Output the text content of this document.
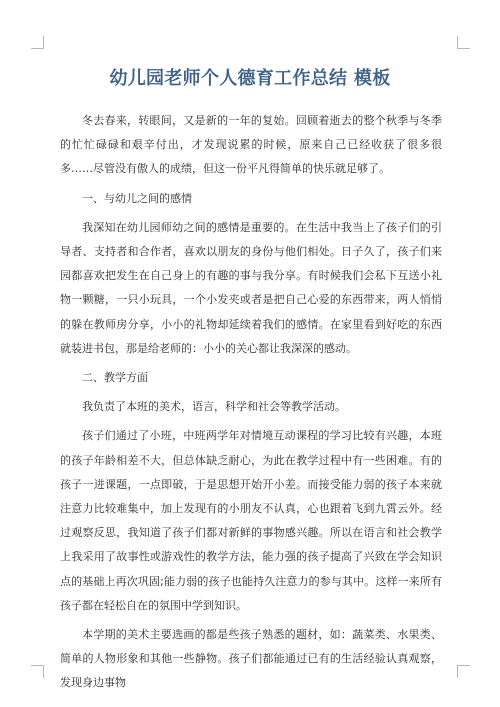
幼儿园老师个人德育工作总结 模板

冬去春来，转眼间，又是新的一年的复始。回顾着逝去的整个秋季与冬季的忙忙碌碌和艰辛付出，才发现说累的时候，原来自己已经收获了很多很多……尽管没有傲人的成绩，但这一份平凡得简单的快乐就足够了。

一、与幼儿之间的感情

我深知在幼儿园师幼之间的感情是重要的。在生活中我当上了孩子们的引导者、支持者和合作者，喜欢以朋友的身份与他们相处。日子久了，孩子们来园都喜欢把发生在自己身上的有趣的事与我分享。有时候我们会私下互送小礼物一颗糖，一只小玩具，一个小发夹或者是把自己心爱的东西带来，两人悄悄的躲在教师房分享，小小的礼物却延续着我们的感情。在家里看到好吃的东西就装进书包，那是给老师的：小小的关心都让我深深的感动。

二、教学方面

我负责了本班的美术，语言，科学和社会等教学活动。

孩子们通过了小班，中班两学年对情境互动课程的学习比较有兴趣，本班的孩子年龄相差不大，但总体缺乏耐心，为此在教学过程中有一些困难。有的孩子一进课题，一点即破，于是思想开始开小差。而接受能力弱的孩子本来就注意力比较难集中，加上发现有的小朋友不认真，心也跟着飞到九霄云外。经过观察反思，我知道了孩子们都对新鲜的事物感兴趣。所以在语言和社会教学上我采用了故事性或游戏性的教学方法，能力强的孩子提高了兴致在学会知识点的基础上再次巩固;能力弱的孩子也能持久注意力的参与其中。这样一来所有孩子都在轻松自在的氛围中学到知识。

本学期的美术主要选画的都是些孩子熟悉的题材，如：蔬菜类、水果类、简单的人物形象和其他一些静物。孩子们都能通过已有的生活经验认真观察，发现身边事物
